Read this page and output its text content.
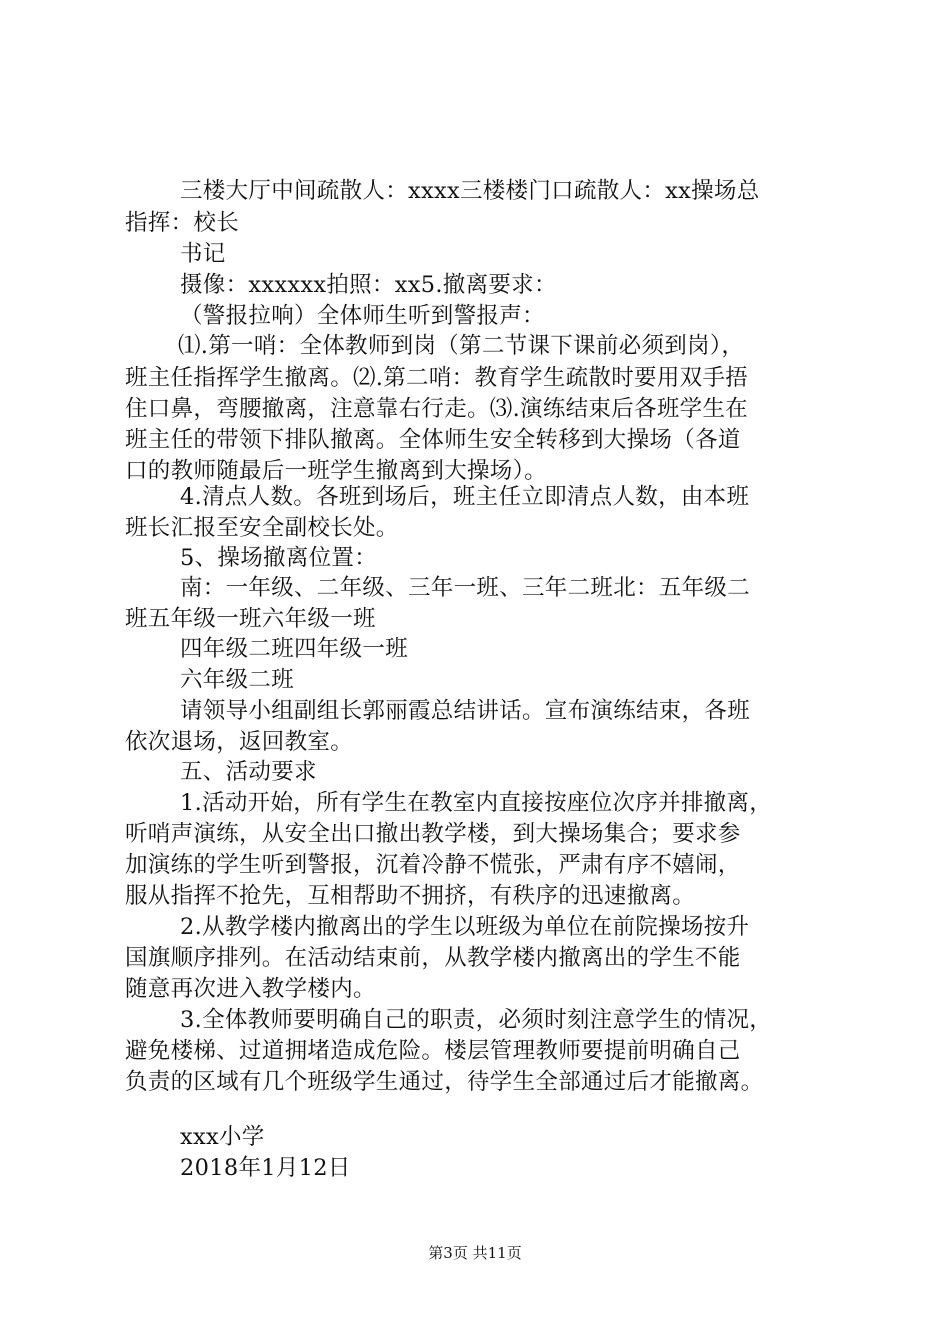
三楼大厅中间疏散人：xxxx三楼楼门口疏散人：xx操场总
指挥：校长
书记
摄像：xxxxxx拍照：xx5.撤离要求：
（警报拉响）全体师生听到警报声：
⑴.第一哨：全体教师到岗（第二节课下课前必须到岗），
班主任指挥学生撤离。⑵.第二哨：教育学生疏散时要用双手捂
住口鼻，弯腰撤离，注意靠右行走。⑶.演练结束后各班学生在
班主任的带领下排队撤离。全体师生安全转移到大操场（各道
口的教师随最后一班学生撤离到大操场）。
4.清点人数。各班到场后，班主任立即清点人数，由本班
班长汇报至安全副校长处。
5、操场撤离位置：
南：一年级、二年级、三年一班、三年二班北：五年级二
班五年级一班六年级一班
四年级二班四年级一班
六年级二班
请领导小组副组长郭丽霞总结讲话。宣布演练结束，各班
依次退场，返回教室。
五、活动要求
1.活动开始，所有学生在教室内直接按座位次序并排撤离，
听哨声演练，从安全出口撤出教学楼，到大操场集合；要求参
加演练的学生听到警报，沉着冷静不慌张，严肃有序不嬉闹，
服从指挥不抢先，互相帮助不拥挤，有秩序的迅速撤离。
2.从教学楼内撤离出的学生以班级为单位在前院操场按升
国旗顺序排列。在活动结束前，从教学楼内撤离出的学生不能
随意再次进入教学楼内。
3.全体教师要明确自己的职责，必须时刻注意学生的情况，
避免楼梯、过道拥堵造成危险。楼层管理教师要提前明确自己
负责的区域有几个班级学生通过，待学生全部通过后才能撤离。
xxx小学
2018年1月12日
第3页 共11页
